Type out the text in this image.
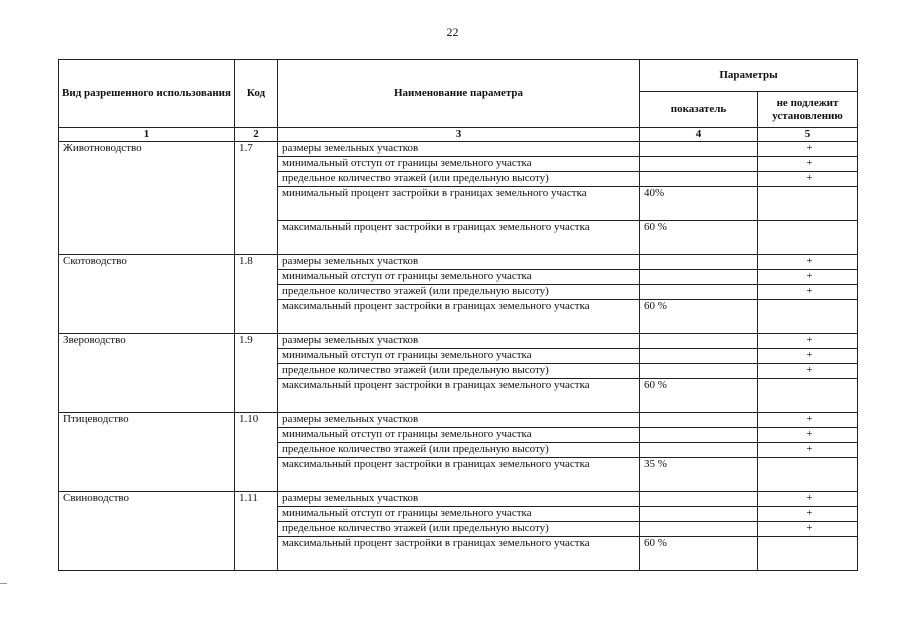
22
Вид разрешенного использования	Код	Наименование параметра	Параметры	
			показатель	не подлежит установлению
1	2	3	4	5
Животноводство	1.7	размеры земельных участков		+
		минимальный отступ от границы земельного участка		+
		предельное количество этажей (или предельную высоту)		+
		минимальный процент застройки в границах земельного участка	40%	
		максимальный процент застройки в границах земельного участка	60 %	
Скотоводство	1.8	размеры земельных участков		+
		минимальный отступ от границы земельного участка		+
		предельное количество этажей (или предельную высоту)		+
		максимальный процент застройки в границах земельного участка	60 %	
Звероводство	1.9	размеры земельных участков		+
		минимальный отступ от границы земельного участка		+
		предельное количество этажей (или предельную высоту)		+
		максимальный процент застройки в границах земельного участка	60 %	
Птицеводство	1.10	размеры земельных участков		+
		минимальный отступ от границы земельного участка		+
		предельное количество этажей (или предельную высоту)		+
		максимальный процент застройки в границах земельного участка	35 %	
Свиноводство	1.11	размеры земельных участков		+
		минимальный отступ от границы земельного участка		+
		предельное количество этажей (или предельную высоту)		+
		максимальный процент застройки в границах земельного участка	60 %	
